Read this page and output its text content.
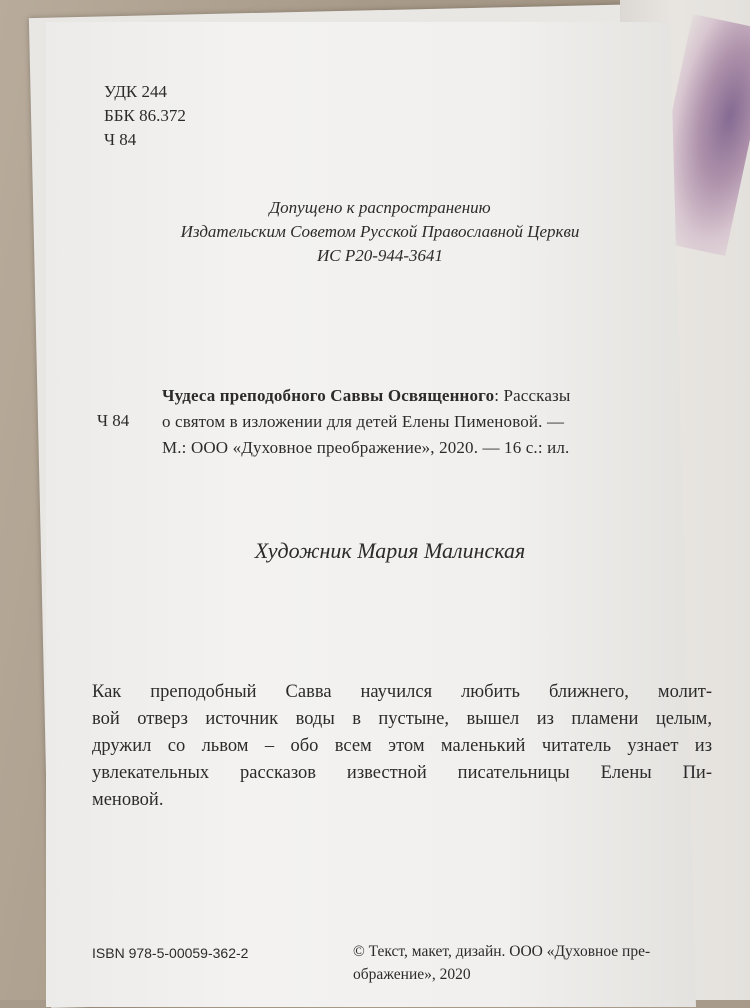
УДК 244
ББК 86.372
Ч 84
Допущено к распространению
Издательским Советом Русской Православной Церкви
ИС Р20-944-3641
Ч 84
Чудеса преподобного Саввы Освященного: Рассказы
о святом в изложении для детей Елены Пименовой. —
М.: ООО «Духовное преображение», 2020. — 16 с.: ил.
Художник Мария Малинская
Как преподобный Савва научился любить ближнего, молит-
вой отверз источник воды в пустыне, вышел из пламени целым,
дружил со львом – обо всем этом маленький читатель узнает из
увлекательных рассказов известной писательницы Елены Пи-
меновой.
ISBN 978-5-00059-362-2	© Текст, макет, дизайн. ООО «Духовное пре-
ображение», 2020
